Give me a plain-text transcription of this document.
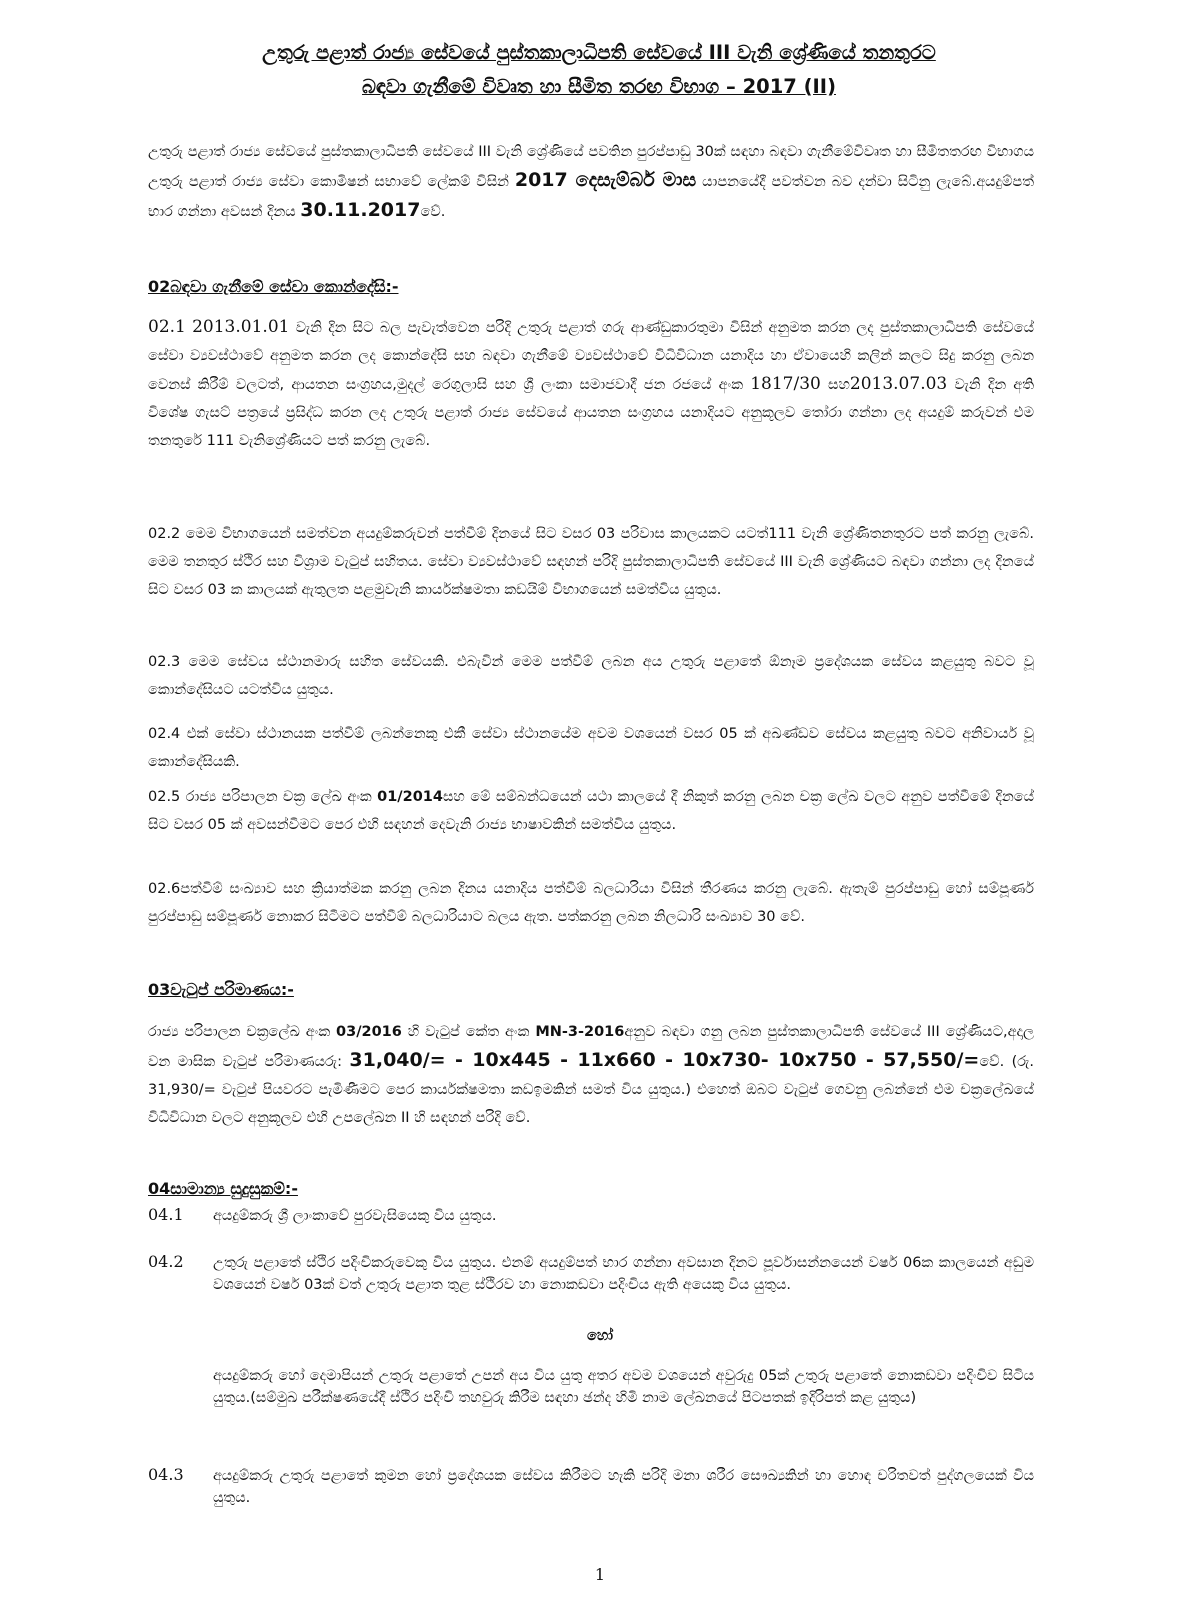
උතුරු පළාත් රාජ්‍ය සේවයේ පුස්තකාලාධිපති සේවයේ III වැනි ශ්‍රේණියේ තනතුරට
බඳවා ගැනීමේ විවෘත හා සීමිත තරඟ විභාග – 2017 (II)
උතුරු පළාත් රාජ්‍ය සේවයේ පුස්තකාලාධිපති සේවයේ III වැනි ශ්‍රේණියේ පවතින පුරප්පාඩු 30ක් සඳහා බඳවා ගැනීමේවිවෘත හා සීමිතතරඟ විභාගය උතුරු පළාත් රාජ්‍ය සේවා කොමිෂන් සභාවේ ලේකම් විසින් 2017 දෙසැම්බර් මාස යාපනයේදී පවත්වන බව දන්වා සිටිනු ලැබේ.අයදුම්පත් භාර ගන්නා අවසන් දිනය 30.11.2017වේ.
02බඳවා ගැනීමේ සේවා කොන්දේසි:-
02.1 2013.01.01 වැනි දින සිට බල පැවැත්වෙන පරිදි උතුරු පළාත් ගරු ආණ්ඩුකාරතුමා විසින් අනුමත කරන ලද පුස්තකාලාධිපති සේවයේ සේවා ව්‍යවස්ථාවේ අනුමත කරන ලද කොන්දේසි සහ බඳවා ගැනීමේ ව්‍යවස්ථාවේ විධිවිධාන යනාදිය හා ඒවායෙහි කලින් කලට සිදු කරනු ලබන වෙනස් කිරීම් වලටත්, ආයතන සංග්‍රහය,මුදල් රෙගුලාසි සහ ශ්‍රී ලංකා සමාජවාදී ජන රජයේ අංක 1817/30 සහ2013.07.03 වැනි දින අති විශේෂ ගැසට් පත්‍රයේ ප්‍රසිද්ධ කරන ලද උතුරු පළාත් රාජ්‍ය සේවයේ ආයතන සංග්‍රහය යනාදියට අනුකූලව තෝරා ගන්නා ලද අයදුම් කරුවන් එම තනතුරේ 111 වැනිශ්‍රේණියට පත් කරනු ලැබේ.
02.2 මෙම විභාගයෙන් සමත්වන අයදුම්කරුවන් පත්වීම් දිනයේ සිට වසර 03 පරිවාස කාලයකට යටත්111 වැනි ශ්‍රේණිතනතුරට පත් කරනු ලැබේ. මෙම තනතුර ස්ථිර සහ විශ්‍රාම වැටුප් සහිතය. සේවා ව්‍යවස්ථාවේ සඳහන් පරිදි පුස්තකාලාධිපති සේවයේ III වැනි ශ්‍රේණියට බඳවා ගන්නා ලද දිනයේ සිට වසර 03 ක කාලයක් ඇතුලත පළමුවැනි කාර්යක්ෂමතා කඩයිම් විභාගයෙන් සමත්විය යුතුය.
02.3 මෙම සේවය ස්ථානමාරු සහිත සේවයකි. එබැවින් මෙම පත්වීම් ලබන අය උතුරු පළාතේ ඕනෑම ප්‍රදේශයක සේවය කළයුතු බවට වූ කොන්දේසියට යටත්විය යුතුය.
02.4 එක් සේවා ස්ථානයක පත්වීම් ලබන්නෙකු එකී සේවා ස්ථානයේම අවම වශයෙන් වසර 05 ක් අඛණ්ඩව සේවය කළයුතු බවට අනිවාර්ය වූ කොන්දේසියකි.
02.5 රාජ්‍ය පරිපාලන චක්‍ර ලේඛ අංක 01/2014සහ මේ සම්බන්ධයෙන් යථා කාලයේ දී නිකුත් කරනු ලබන චක්‍ර ලේඛ වලට අනුව පත්වීමේ දිනයේ සිට වසර 05 ක් අවසන්වීමට පෙර එහි සඳහන් දෙවැනි රාජ්‍ය භාෂාවකින් සමත්විය යුතුය.
02.6පත්වීම් සංඛ්‍යාව සහ ක්‍රියාත්මක කරනු ලබන දිනය යනාදිය පත්වීම් බලධාරියා විසින් තීරණය කරනු ලැබේ. ඇතැම් පුරප්පාඩු හෝ සම්පූර්ණ පුරප්පාඩු සම්පූර්ණ නොකර සිටීමට පත්වීම් බලධාරියාට බලය ඇත. පත්කරනු ලබන නිලධාරි සංඛ්‍යාව 30 වේ.
03වැටුප් පරිමාණය:-
රාජ්‍ය පරිපාලන චක්‍රලේඛ අංක 03/2016 හි වැටුප් කේත අංක MN-3-2016අනුව බඳවා ගනු ලබන පුස්තකාලාධිපති සේවයේ III ශ්‍රේණියට,අදාල වන මාසික වැටුප් පරිමාණයරු: 31,040/= - 10x445 - 11x660 - 10x730- 10x750 - 57,550/=වේ. (රු. 31,930/= වැටුප් පියවරට පැමිණීමට පෙර කාර්යක්ෂමතා කඩඉමකින් සමත් විය යුතුය.) එහෙත් ඔබට වැටුප් ගෙවනු ලබන්නේ එම චක්‍රලේඛයේ විධිවිධාන වලට අනුකූලව එහි උපලේඛන II හි සඳහන් පරිදි වේ.
04සාමාන්‍ය සුදුසුකම්:-
04.1 අයදුම්කරු ශ්‍රී ලාංකාවේ පුරවැසියෙකු විය යුතුය.
04.2 උතුරු පළාතේ ස්ථිර පදිංචිකරුවෙකු විය යුතුය. එනම් අයදුම්පත් භාර ගන්නා අවසාන දිනට පූර්වාසන්නයෙන් වර්ෂ 06ක කාලයෙන් අඩුම වශයෙන් වර්ෂ 03ක් වත් උතුරු පළාත තුළ ස්ථිරව හා නොකඩවා පදිංචිය ඇති අයෙකු විය යුතුය.
හෝ
අයදුම්කරු හෝ දෙමාපියන් උතුරු පළාතේ උපන් අය විය යුතු අතර අවම වශයෙන් අවුරුදු 05ක් උතුරු පළාතේ නොකඩවා පදිංචිව සිටිය යුතුය.(සම්මුඛ පරීක්ෂණයේදී ස්ථිර පදිංචි තහවුරු කිරීම සඳහා ඡන්ද හිමි නාම ලේඛනයේ පිටපතක් ඉදිරිපත් කළ යුතුය)
04.3 අයදුම්කරු උතුරු පළාතේ කුමන හෝ ප්‍රදේශයක සේවය කිරීමට හැකි පරිදි මනා ශරීර සෞඛ්‍යකින් හා හොඳ චරිතවත් පුද්ගලයෙක් විය යුතුය.
1
